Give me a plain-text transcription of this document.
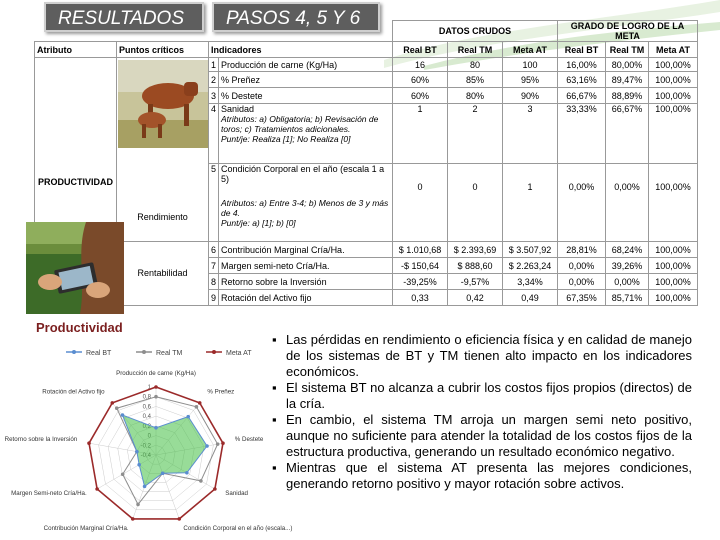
RESULTADOS	PASOS 4, 5 Y 6
				DATOS CRUDOS			GRADO DE LOGRO DE LA META		
Atributo	Puntos críticos	Indicadores		Real BT	Real TM	Meta AT	Real BT	Real TM	Meta AT
PRODUCTIVIDAD	Rendimiento	1	Producción de carne (Kg/Ha)	16	80	100	16,00%	80,00%	100,00%
		2	% Preñez	60%	85%	95%	63,16%	89,47%	100,00%
		3	% Destete	60%	80%	90%	66,67%	88,89%	100,00%
		4	Sanidad
Atributos: a) Obligatoria; b) Revisación de toros; c) Tratamientos adicionales.
Punt/je: Realiza [1]; No Realiza [0]	1	2	3	33,33%	66,67%	100,00%
		5	Condición Corporal en el año (escala 1 a 5)
Atributos: a) Entre 3-4; b) Menos de 3 y más de 4.
Punt/je: a) [1]; b) [0]	0	0	1	0,00%	0,00%	100,00%

	Rentabilidad	6	Contribución Marginal Cría/Ha.	$ 1.010,68	$ 2.393,69	$ 3.507,92	28,81%	68,24%	100,00%
		7	Margen semi-neto Cría/Ha.	-$ 150,64	$ 888,60	$ 2.263,24	0,00%	39,26%	100,00%
		8	Retorno sobre la Inversión	-39,25%	-9,57%	3,34%	0,00%	0,00%	100,00%
		9	Rotación del Activo fijo	0,33	0,42	0,49	67,35%	85,71%	100,00%
Productividad
Real BT	Real TM	Meta AT
1
0,8
0,6
0,4
Producción de carne (Kg/Ha)
% Preñez
% Destete
Sanidad
Condición Corporal en el año (escala...)
Contribución Marginal Cría/Ha.
Margen Semi-neto Cría/Ha.
Retorno sobre la Inversión
Rotación del Activo fijo
▪ Las pérdidas en rendimiento o eficiencia física y en calidad de manejo de los sistemas de BT y TM tienen alto impacto en los indicadores económicos.
▪ El sistema BT no alcanza a cubrir los costos fijos propios (directos) de la cría.
▪ En cambio, el sistema TM arroja un margen semi neto positivo, aunque no suficiente para atender la totalidad de los costos fijos de la estructura productiva, generando un resultado económico negativo.
▪ Mientras que el sistema AT presenta las mejores condiciones, generando retorno positivo y mayor rotación sobre activos.
